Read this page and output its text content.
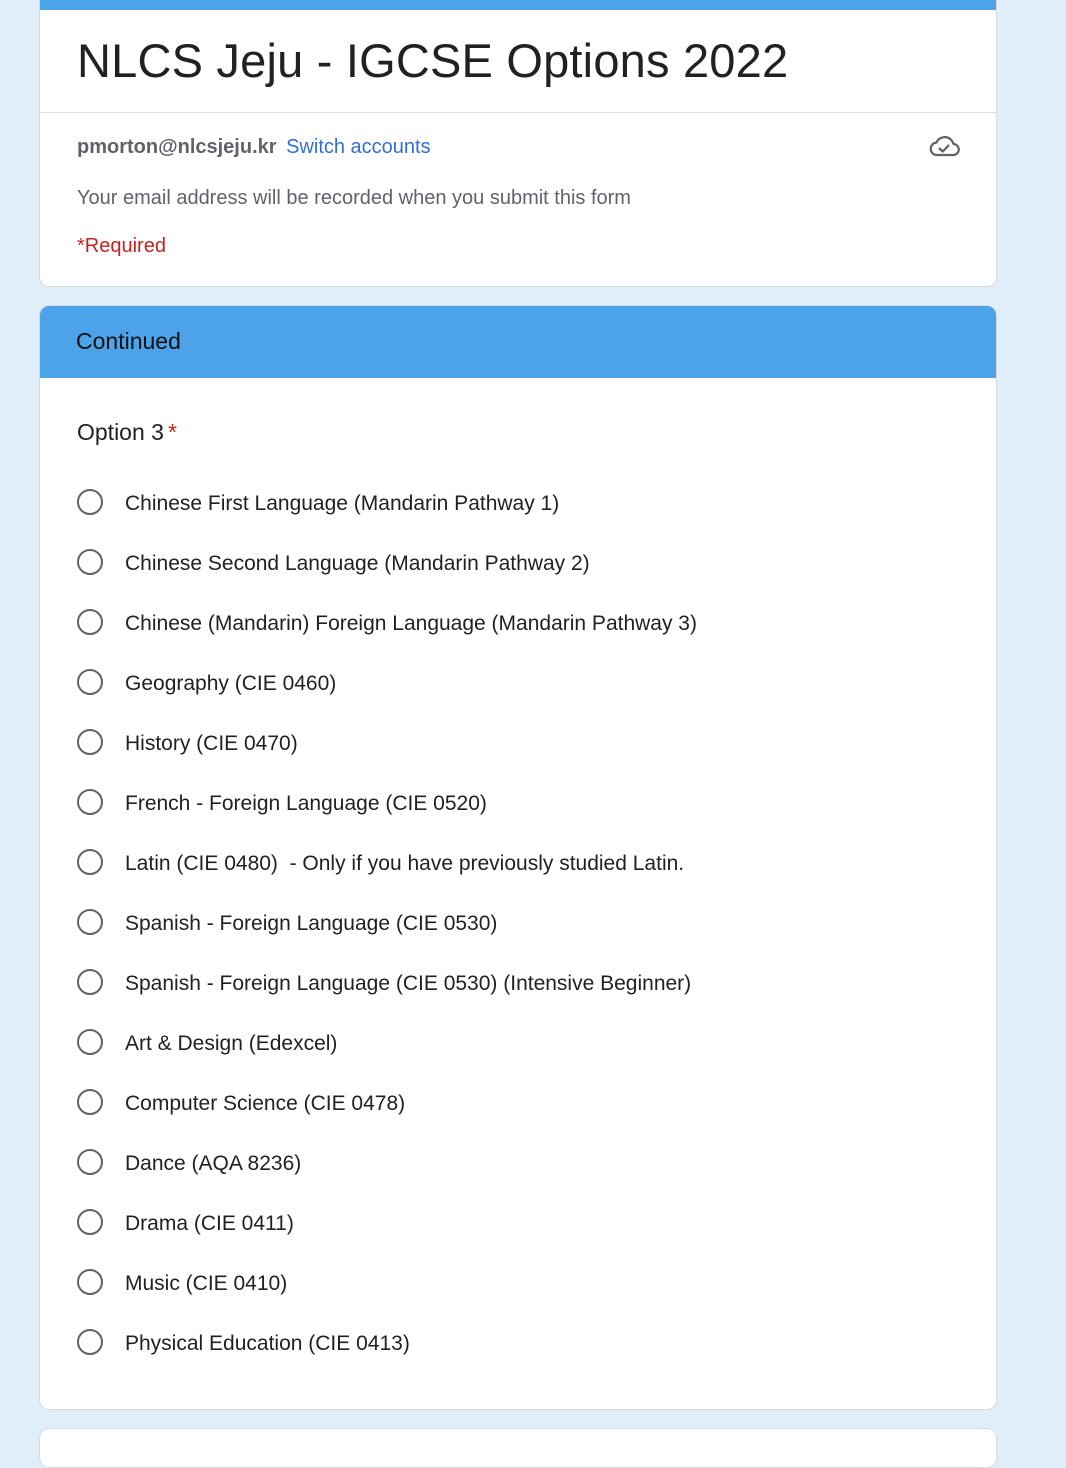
NLCS Jeju - IGCSE Options 2022
pmorton@nlcsjeju.kr Switch accounts
Your email address will be recorded when you submit this form
*Required
Continued
Option 3 *
Chinese First Language (Mandarin Pathway 1)
Chinese Second Language (Mandarin Pathway 2)
Chinese (Mandarin) Foreign Language (Mandarin Pathway 3)
Geography (CIE 0460)
History (CIE 0470)
French - Foreign Language (CIE 0520)
Latin (CIE 0480)  - Only if you have previously studied Latin.
Spanish - Foreign Language (CIE 0530)
Spanish - Foreign Language (CIE 0530) (Intensive Beginner)
Art & Design (Edexcel)
Computer Science (CIE 0478)
Dance (AQA 8236)
Drama (CIE 0411)
Music (CIE 0410)
Physical Education (CIE 0413)
